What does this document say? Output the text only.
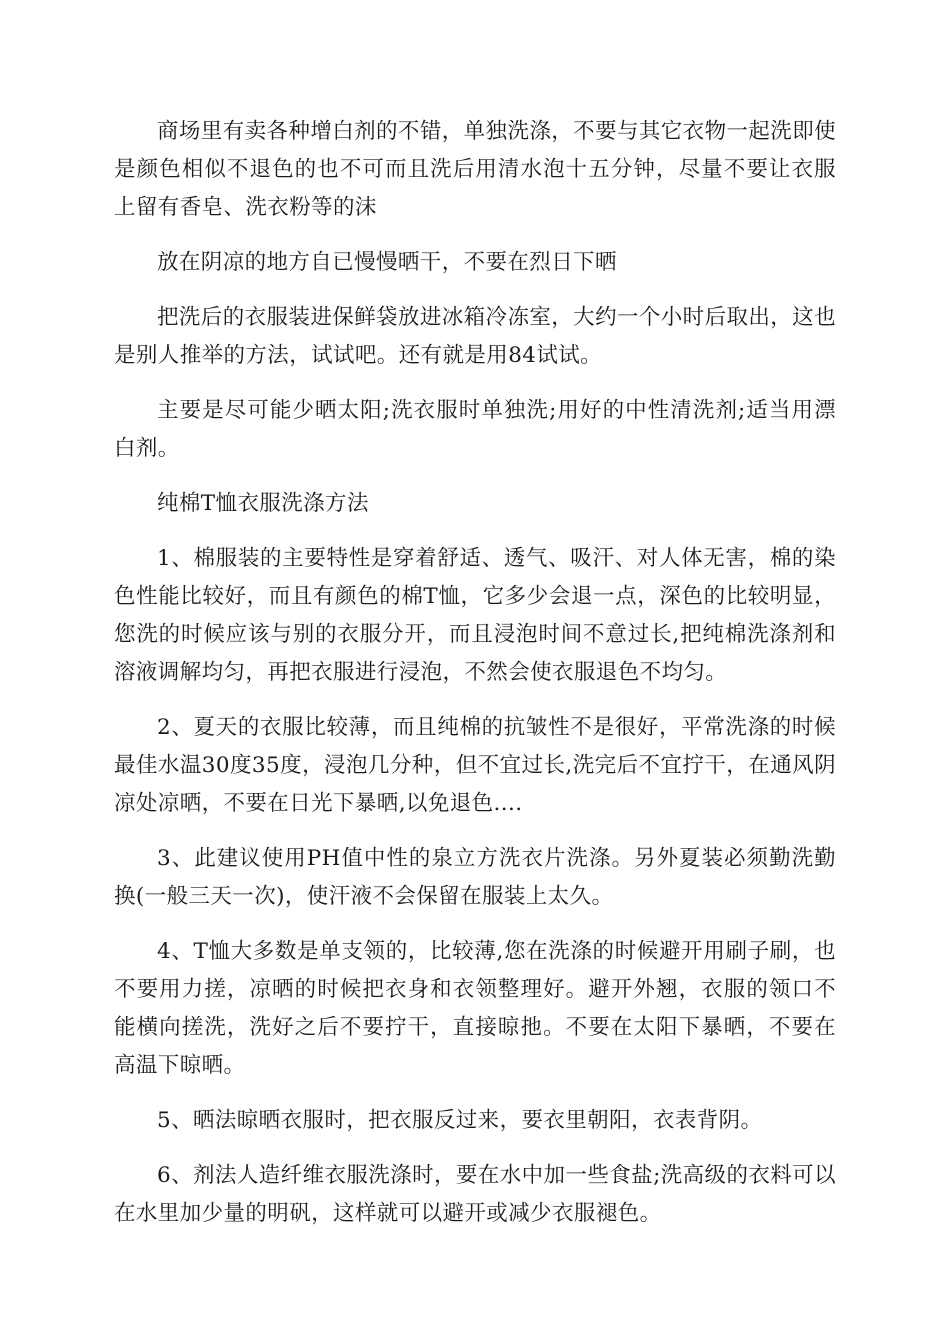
商场里有卖各种增白剂的不错，单独洗涤，不要与其它衣物一起洗即使是颜色相似不退色的也不可而且洗后用清水泡十五分钟，尽量不要让衣服上留有香皂、洗衣粉等的沫

放在阴凉的地方自已慢慢晒干，不要在烈日下晒

把洗后的衣服装进保鲜袋放进冰箱冷冻室，大约一个小时后取出，这也是别人推举的方法，试试吧。还有就是用84试试。

主要是尽可能少晒太阳;洗衣服时单独洗;用好的中性清洗剂;适当用漂白剂。

纯棉T恤衣服洗涤方法

1、棉服装的主要特性是穿着舒适、透气、吸汗、对人体无害，棉的染色性能比较好，而且有颜色的棉T恤，它多少会退一点，深色的比较明显，您洗的时候应该与别的衣服分开，而且浸泡时间不意过长,把纯棉洗涤剂和溶液调解均匀，再把衣服进行浸泡，不然会使衣服退色不均匀。

2、夏天的衣服比较薄，而且纯棉的抗皱性不是很好，平常洗涤的时候最佳水温30度35度，浸泡几分种，但不宜过长,洗完后不宜拧干，在通风阴凉处凉晒，不要在日光下暴晒,以免退色....

3、此建议使用PH值中性的泉立方洗衣片洗涤。另外夏装必须勤洗勤换(一般三天一次)，使汗液不会保留在服装上太久。

4、T恤大多数是单支领的，比较薄,您在洗涤的时候避开用刷子刷，也不要用力搓，凉晒的时候把衣身和衣领整理好。避开外翘，衣服的领口不能横向搓洗，洗好之后不要拧干，直接晾扡。不要在太阳下暴晒，不要在高温下晾晒。

5、晒法晾晒衣服时，把衣服反过来，要衣里朝阳，衣表背阴。

6、剂法人造纤维衣服洗涤时，要在水中加一些食盐;洗高级的衣料可以在水里加少量的明矾，这样就可以避开或减少衣服褪色。
